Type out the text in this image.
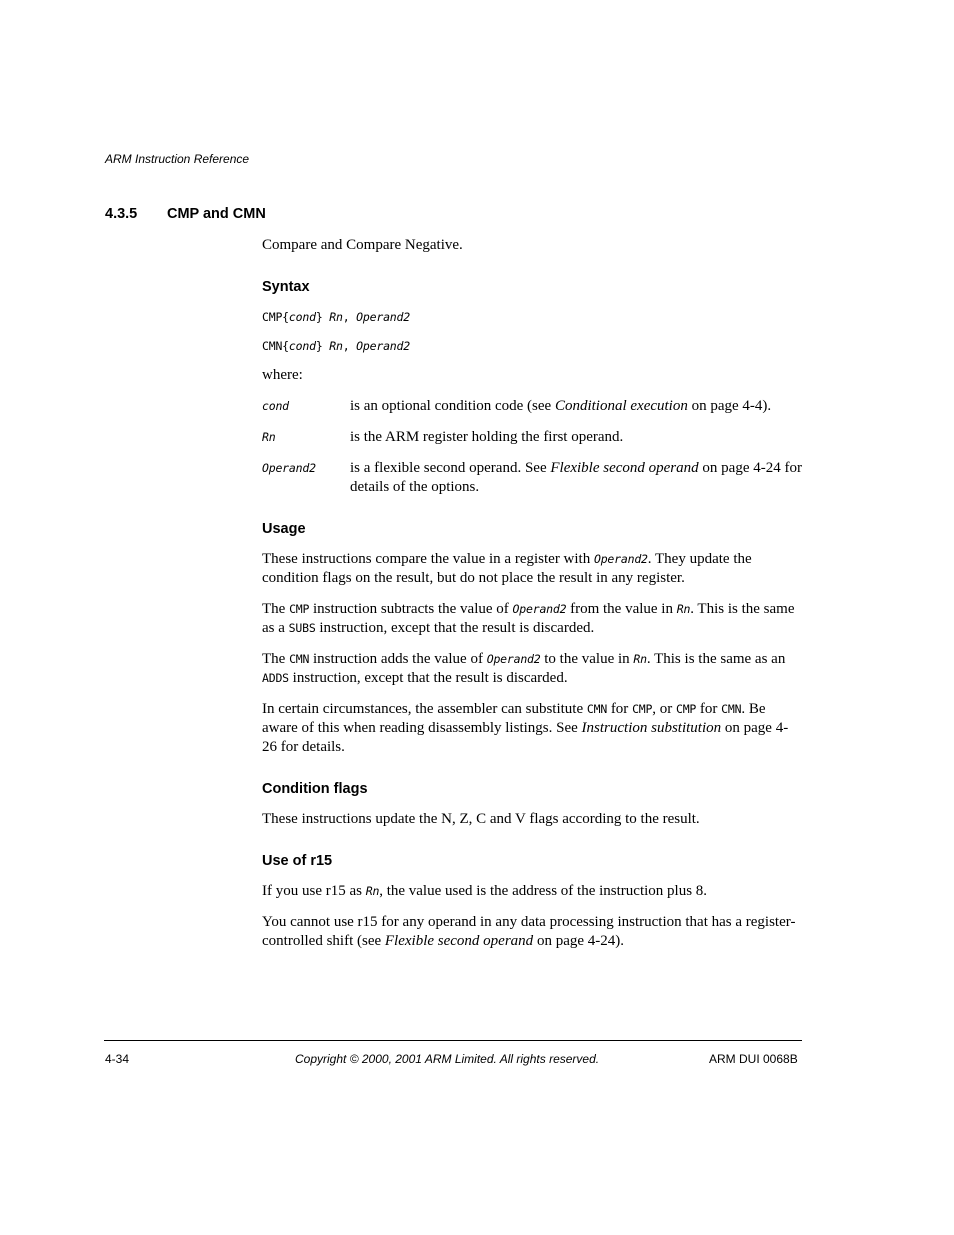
ARM Instruction Reference
4.3.5 CMP and CMN

Compare and Compare Negative.

Syntax
CMP{cond} Rn, Operand2
CMN{cond} Rn, Operand2

where:

cond	is an optional condition code (see Conditional execution on page 4-4).
Rn	is the ARM register holding the first operand.
Operand2	is a flexible second operand. See Flexible second operand on page 4-24 for details of the options.
Usage

These instructions compare the value in a register with Operand2. They update the condition flags on the result, but do not place the result in any register.

The CMP instruction subtracts the value of Operand2 from the value in Rn. This is the same as a SUBS instruction, except that the result is discarded.

The CMN instruction adds the value of Operand2 to the value in Rn. This is the same as an ADDS instruction, except that the result is discarded.

In certain circumstances, the assembler can substitute CMN for CMP, or CMP for CMN. Be aware of this when reading disassembly listings. See Instruction substitution on page 4-26 for details.

Condition flags

These instructions update the N, Z, C and V flags according to the result.

Use of r15

If you use r15 as Rn, the value used is the address of the instruction plus 8.

You cannot use r15 for any operand in any data processing instruction that has a register-controlled shift (see Flexible second operand on page 4-24).

4-34	Copyright © 2000, 2001 ARM Limited. All rights reserved.	ARM DUI 0068B
